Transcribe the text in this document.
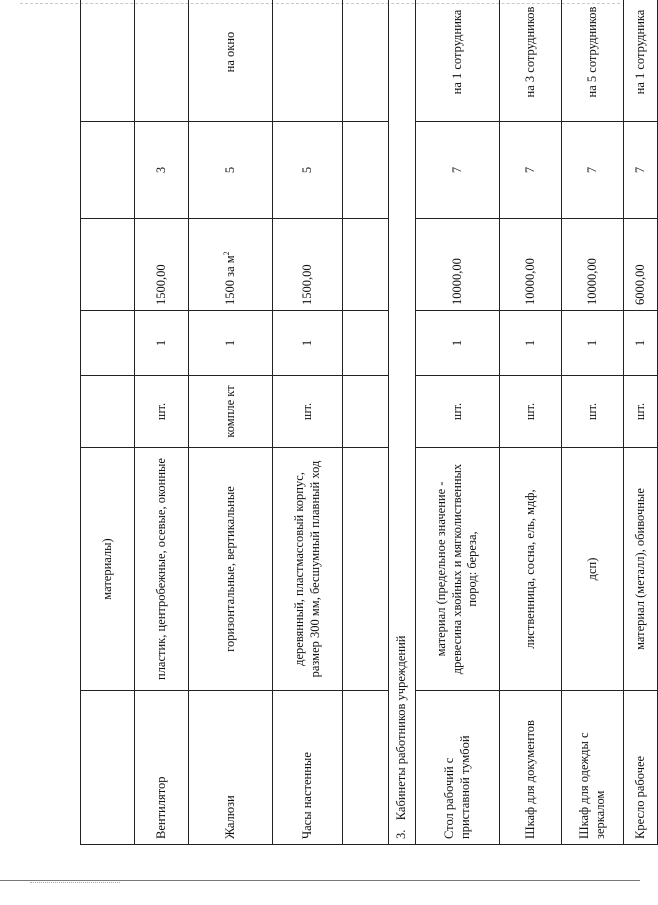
	материалы)					
Вентилятор	пластик, центробежные, осевые, оконные	шт.	1	1500,00	3	
Жалюзи	горизонтальные, вертикальные	компле кт	1	1500 за $м^2$	5	на окно
Часы настенные	деревянный, пластмассовый корпус, размер 300 мм, бесшумный плавный ход	шт.	1	1500,00	5	

3.   Кабинеты работников учреждений						
Стол рабочий с приставной тумбой	материал (предельное значение - древесина хвойных и мягколиственных пород: береза,	шт.	1	10000,00	7	на 1 сотрудника
Шкаф для документов	лиственница, сосна, ель, мдф,	шт.	1	10000,00	7	на 3 сотрудников
Шкаф для одежды с зеркалом	дсп)	шт.	1	10000,00	7	на 5 сотрудников
Кресло рабочее	материал (металл), обивочные	шт.	1	6000,00	7	на 1 сотрудника
